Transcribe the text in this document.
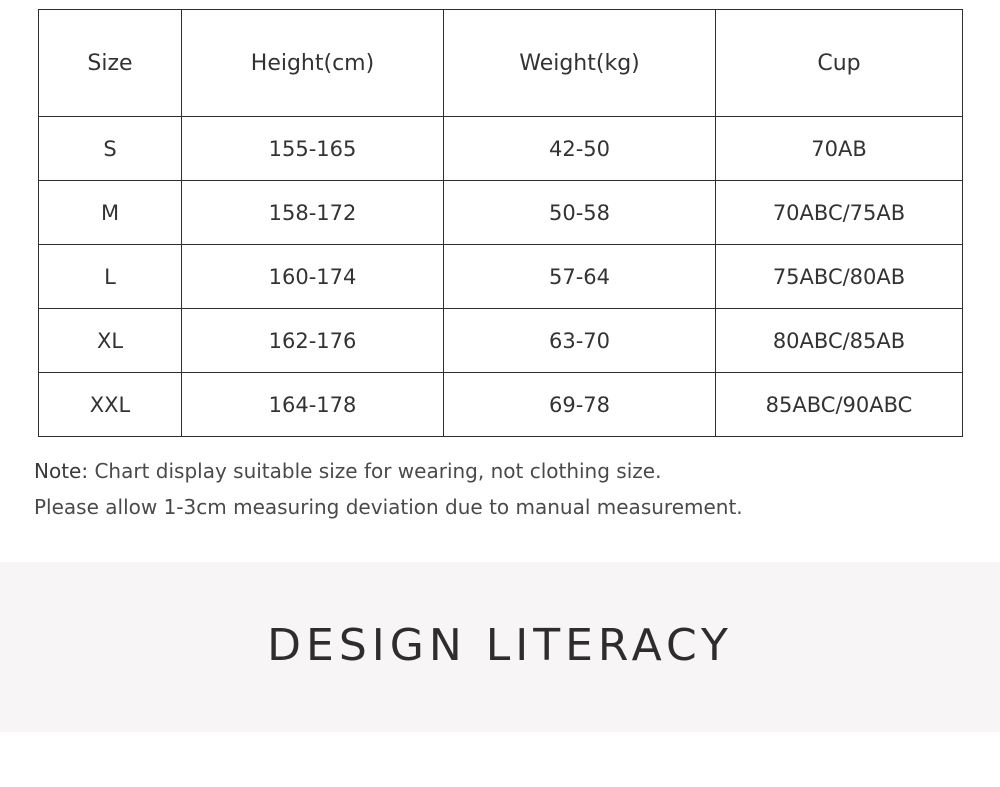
Size	Height(cm)	Weight(kg)	Cup
S	155-165	42-50	70AB
M	158-172	50-58	70ABC/75AB
L	160-174	57-64	75ABC/80AB
XL	162-176	63-70	80ABC/85AB
XXL	164-178	69-78	85ABC/90ABC
Note: Chart display suitable size for wearing, not clothing size.
Please allow 1-3cm measuring deviation due to manual measurement.
DESIGN LITERACY
